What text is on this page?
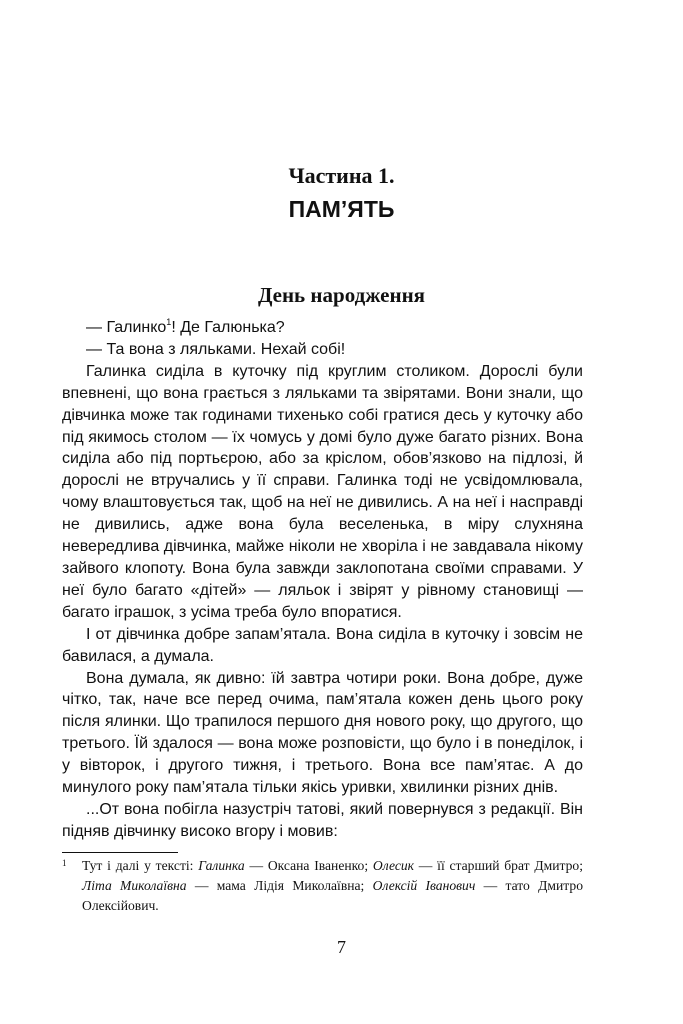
Частина 1.
ПАМ’ЯТЬ
День народження

— Галинко$^1$! Де Галюнька?

— Та вона з ляльками. Нехай собі!

Галинка сиділа в куточку під круглим столиком. Дорослі були впевнені, що вона грається з ляльками та звірятами. Вони знали, що дівчинка може так годинами тихенько собі гратися десь у куточку або під якимось столом — їх чомусь у домі було дуже багато різних. Вона сиділа або під портьєрою, або за кріслом, обов’язково на підлозі, й дорослі не втручались у її справи. Галинка тоді не усвідомлювала, чому влаштовується так, щоб на неї не дивились. А на неї і насправді не дивились, адже вона була веселенька, в міру слухняна невередлива дівчинка, майже ніколи не хворіла і не завдавала нікому зайвого клопоту. Вона була завжди заклопотана своїми справами. У неї було багато «дітей» — ляльок і звірят у рівному становищі — багато іграшок, з усіма треба було впоратися.

І от дівчинка добре запам’ятала. Вона сиділа в куточку і зовсім не бавилася, а думала.

Вона думала, як дивно: їй завтра чотири роки. Вона добре, дуже чітко, так, наче все перед очима, пам’ятала кожен день цього року після ялинки. Що трапилося першого дня нового року, що другого, що третього. Їй здалося — вона може розповісти, що було і в понеділок, і у вівторок, і другого тижня, і третього. Вона все пам’ятає. А до минулого року пам’ятала тільки якісь уривки, хвилинки різних днів.

...От вона побігла назустріч татові, який повернувся з редакції. Він підняв дівчинку високо вгору і мовив:

1 Тут і далі у тексті: Галинка — Оксана Іваненко; Олесик — її старший брат Дмитро; Літа Миколаївна — мама Лідія Миколаївна; Олексій Іванович — тато Дмитро Олексійович.
7
